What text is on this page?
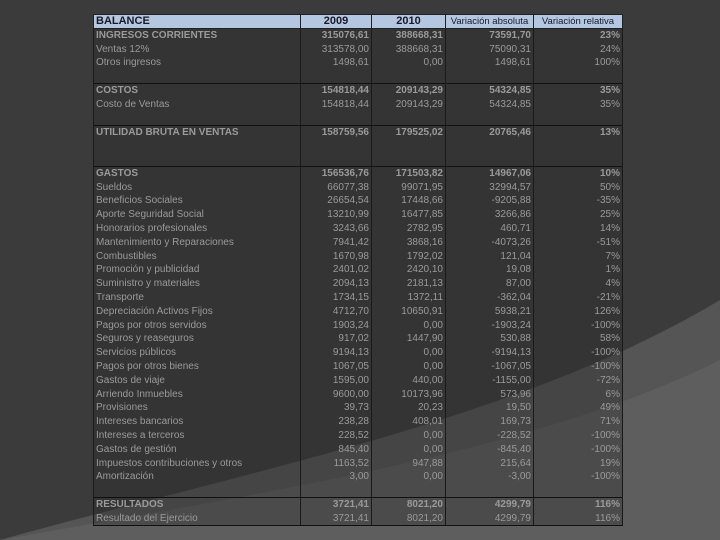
BALANCE	2009	2010	Variación absoluta	Variación relativa
INGRESOS CORRIENTES	315076,61	388668,31	73591,70	23%
Ventas 12%	313578,00	388668,31	75090,31	24%
Otros ingresos	1498,61	0,00	1498,61	100%

COSTOS	154818,44	209143,29	54324,85	35%
Costo de Ventas	154818,44	209143,29	54324,85	35%

UTILIDAD BRUTA EN VENTAS	158759,56	179525,02	20765,46	13%

GASTOS	156536,76	171503,82	14967,06	10%
Sueldos	66077,38	99071,95	32994,57	50%
Beneficios Sociales	26654,54	17448,66	-9205,88	-35%
Aporte Seguridad Social	13210,99	16477,85	3266,86	25%
Honorarios profesionales	3243,66	2782,95	460,71	14%
Mantenimiento y Reparaciones	7941,42	3868,16	-4073,26	-51%
Combustibles	1670,98	1792,02	121,04	7%
Promoción y publicidad	2401,02	2420,10	19,08	1%
Suministro y materiales	2094,13	2181,13	87,00	4%
Transporte	1734,15	1372,11	-362,04	-21%
Depreciación Activos Fijos	4712,70	10650,91	5938,21	126%
Pagos por otros servidos	1903,24	0,00	-1903,24	-100%
Seguros y reaseguros	917,02	1447,90	530,88	58%
Servicios públicos	9194,13	0,00	-9194,13	-100%
Pagos por otros bienes	1067,05	0,00	-1067,05	-100%
Gastos de viaje	1595,00	440,00	-1155,00	-72%
Arriendo Inmuebles	9600,00	10173,96	573,96	6%
Provisiones	39,73	20,23	19,50	49%
Intereses bancarios	238,28	408,01	169,73	71%
Intereses a terceros	228,52	0,00	-228,52	-100%
Gastos de gestión	845,40	0,00	-845,40	-100%
Impuestos contribuciones y otros	1163,52	947,88	215,64	19%
Amortización	3,00	0,00	-3,00	-100%

RESULTADOS	3721,41	8021,20	4299,79	116%
Resultado del Ejercicio	3721,41	8021,20	4299,79	116%
